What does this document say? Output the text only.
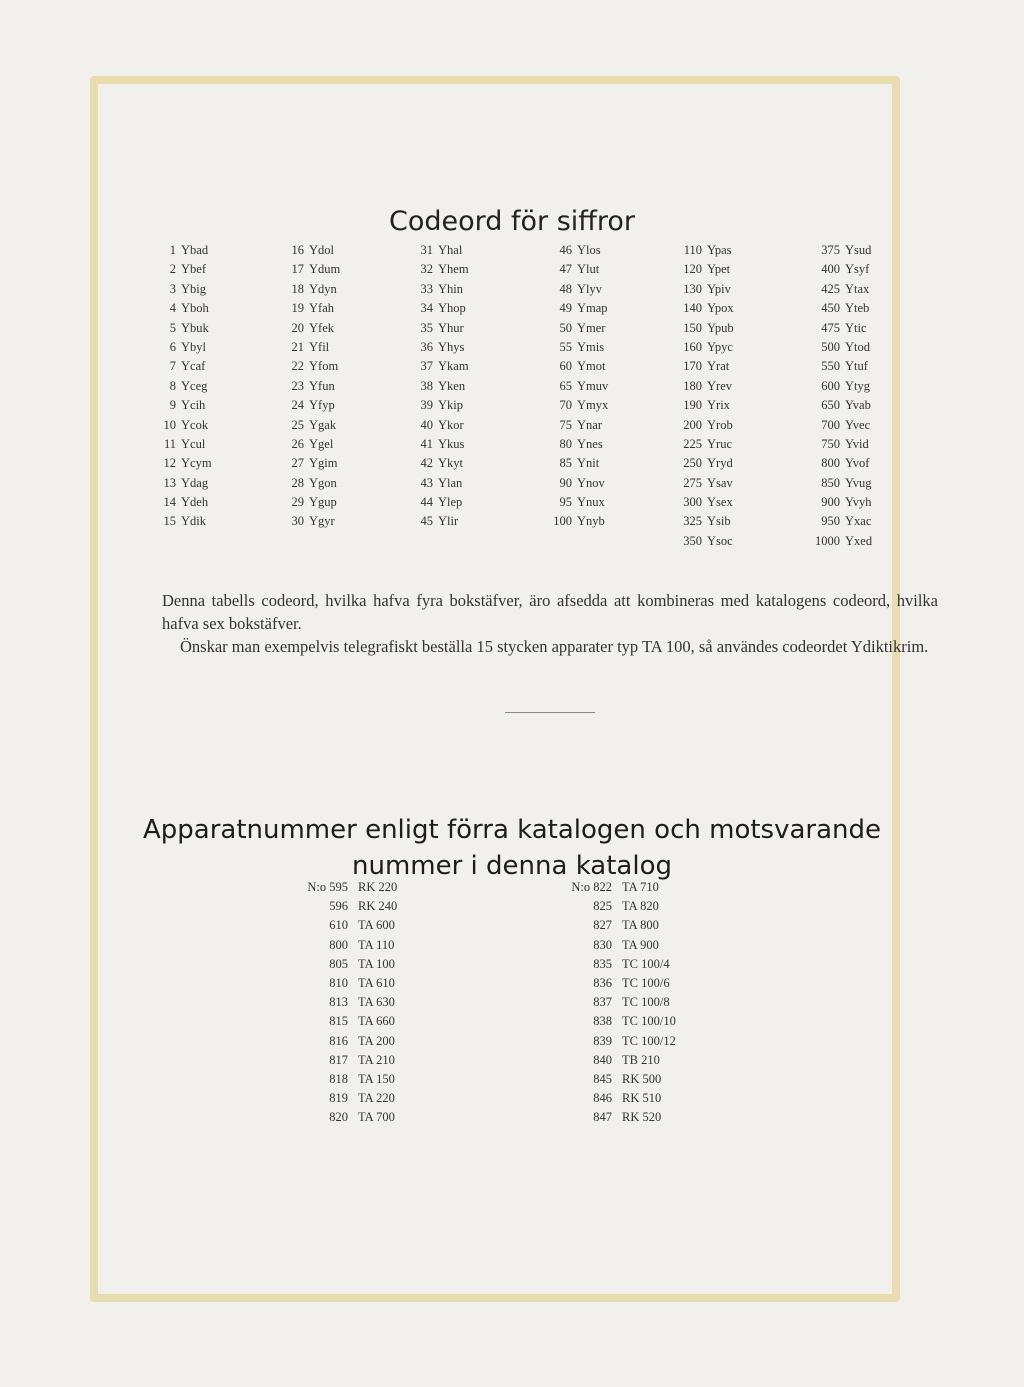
Codeord för siffror
1 Ybad
2 Ybef
3 Ybig
4 Yboh
5 Ybuk
6 Ybyl
7 Ycaf
8 Yceg
9 Ycih
10 Ycok
11 Ycul
12 Ycym
13 Ydag
14 Ydeh
15 Ydik
16 Ydol
17 Ydum
18 Ydyn
19 Yfah
20 Yfek
21 Yfil
22 Yfom
23 Yfun
24 Yfyp
25 Ygak
26 Ygel
27 Ygim
28 Ygon
29 Ygup
30 Ygyr
31 Yhal
32 Yhem
33 Yhin
34 Yhop
35 Yhur
36 Yhys
37 Ykam
38 Yken
39 Ykip
40 Ykor
41 Ykus
42 Ykyt
43 Ylan
44 Ylep
45 Ylir
46 Ylos
47 Ylut
48 Ylyv
49 Ymap
50 Ymer
55 Ymis
60 Ymot
65 Ymuv
70 Ymyx
75 Ynar
80 Ynes
85 Ynit
90 Ynov
95 Ynux
100 Ynyb
110 Ypas
120 Ypet
130 Ypiv
140 Ypox
150 Ypub
160 Ypyc
170 Yrat
180 Yrev
190 Yrix
200 Yrob
225 Yruc
250 Yryd
275 Ysav
300 Ysex
325 Ysib
350 Ysoc
375 Ysud
400 Ysyf
425 Ytax
450 Yteb
475 Ytic
500 Ytod
550 Ytuf
600 Ytyg
650 Yvab
700 Yvec
750 Yvid
800 Yvof
850 Yvug
900 Yvyh
950 Yxac
1000 Yxed

Denna tabells codeord, hvilka hafva fyra bokstäfver, äro afsedda att kombineras med katalogens codeord, hvilka hafva sex bokstäfver.

Önskar man exempelvis telegrafiskt beställa 15 stycken apparater typ TA 100, så användes codeordet Ydiktikrim.

Apparatnummer enligt förra katalogen och motsvarande
nummer i denna katalog
N:o 595 RK 220
596 RK 240
610 TA 600
800 TA 110
805 TA 100
810 TA 610
813 TA 630
815 TA 660
816 TA 200
817 TA 210
818 TA 150
819 TA 220
820 TA 700
N:o 822 TA 710
825 TA 820
827 TA 800
830 TA 900
835 TC 100/4
836 TC 100/6
837 TC 100/8
838 TC 100/10
839 TC 100/12
840 TB 210
845 RK 500
846 RK 510
847 RK 520
